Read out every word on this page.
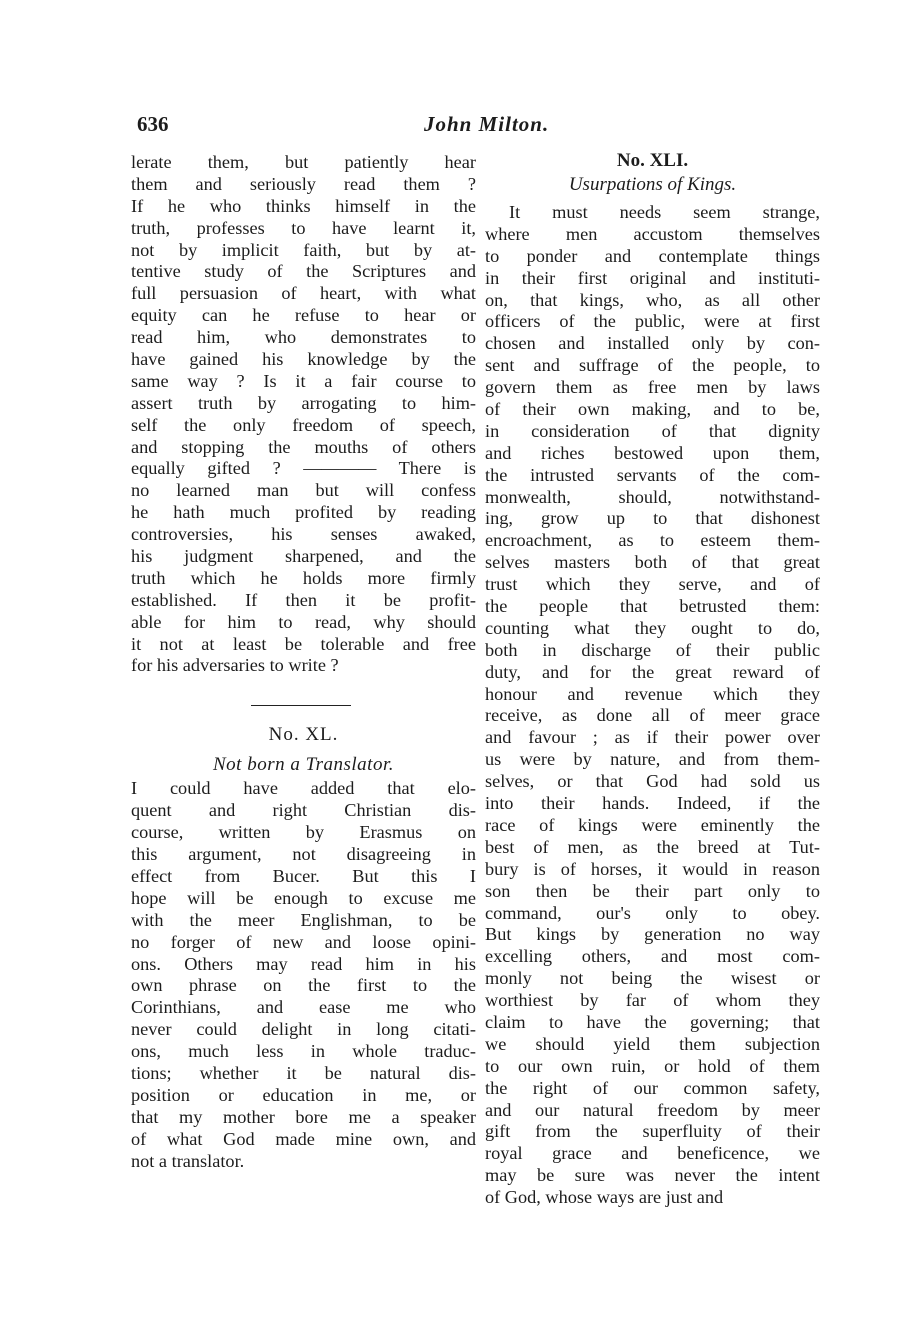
636	John Milton.
lerate them, but patiently hear
them and seriously read them ?
If he who thinks himself in the
truth, professes to have learnt it,
not by implicit faith, but by at-
tentive study of the Scriptures and
full persuasion of heart, with what
equity can he refuse to hear or
read him, who demonstrates to
have gained his knowledge by the
same way ? Is it a fair course to
assert truth by arrogating to him-
self the only freedom of speech,
and stopping the mouths of others
equally gifted ? ———— There is
no learned man but will confess
he hath much profited by reading
controversies, his senses awaked,
his judgment sharpened, and the
truth which he holds more firmly
established. If then it be profit-
able for him to read, why should
it not at least be tolerable and free
for his adversaries to write ?
No. XL.
Not born a Translator.
I could have added that elo-
quent and right Christian dis-
course, written by Erasmus on
this argument, not disagreeing in
effect from Bucer. But this I
hope will be enough to excuse me
with the meer Englishman, to be
no forger of new and loose opini-
ons. Others may read him in his
own phrase on the first to the
Corinthians, and ease me who
never could delight in long citati-
ons, much less in whole traduc-
tions; whether it be natural dis-
position or education in me, or
that my mother bore me a speaker
of what God made mine own, and
not a translator.
No. XLI.
Usurpations of Kings.
It must needs seem strange,
where men accustom themselves
to ponder and contemplate things
in their first original and instituti-
on, that kings, who, as all other
officers of the public, were at first
chosen and installed only by con-
sent and suffrage of the people, to
govern them as free men by laws
of their own making, and to be,
in consideration of that dignity
and riches bestowed upon them,
the intrusted servants of the com-
monwealth, should, notwithstand-
ing, grow up to that dishonest
encroachment, as to esteem them-
selves masters both of that great
trust which they serve, and of
the people that betrusted them:
counting what they ought to do,
both in discharge of their public
duty, and for the great reward of
honour and revenue which they
receive, as done all of meer grace
and favour ; as if their power over
us were by nature, and from them-
selves, or that God had sold us
into their hands. Indeed, if the
race of kings were eminently the
best of men, as the breed at Tut-
bury is of horses, it would in reason
son then be their part only to
command, our's only to obey.
But kings by generation no way
excelling others, and most com-
monly not being the wisest or
worthiest by far of whom they
claim to have the governing; that
we should yield them subjection
to our own ruin, or hold of them
the right of our common safety,
and our natural freedom by meer
gift from the superfluity of their
royal grace and beneficence, we
may be sure was never the intent
of God, whose ways are just and
